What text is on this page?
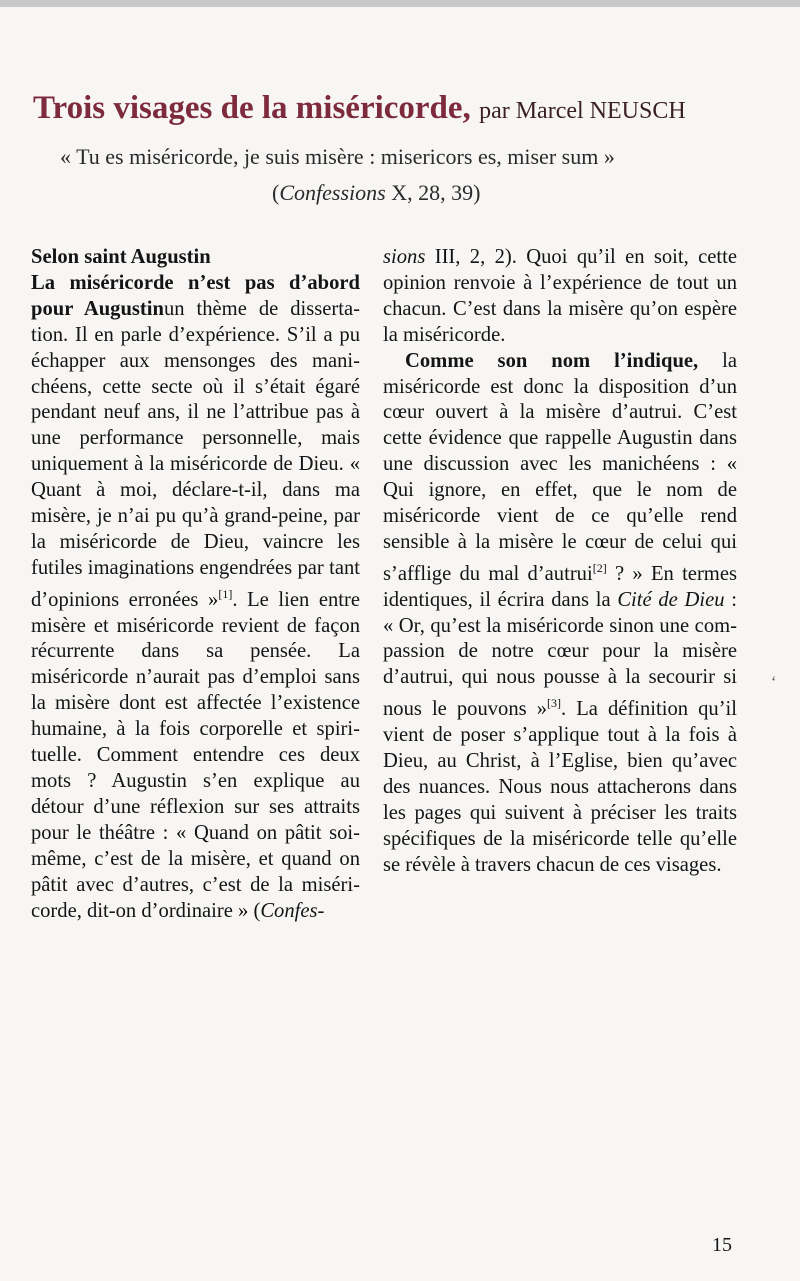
Trois visages de la miséricorde, par Marcel NEUSCH
« Tu es miséricorde, je suis misère : misericors es, miser sum »
(Confessions X, 28, 39)

Selon saint Augustin

La miséricorde n’est pas d’abord pour Augustinun thème de dissertation. Il en parle d’expérience. S’il a pu échapper aux mensonges des manichéens, cette secte où il s’était égaré pendant neuf ans, il ne l’attribue pas à une performance personnelle, mais uniquement à la miséricorde de Dieu. « Quant à moi, déclare-t-il, dans ma misère, je n’ai pu qu’à grand-peine, par la miséricorde de Dieu, vaincre les futiles imaginations engendrées par tant d’opinions erronées »[1]. Le lien entre misère et miséricorde revient de façon récurrente dans sa pensée. La miséricorde n’aurait pas d’emploi sans la misère dont est affectée l’existence humaine, à la fois corporelle et spirituelle. Comment entendre ces deux mots ? Augustin s’en explique au détour d’une réflexion sur ses attraits pour le théâtre : « Quand on pâtit soi-même, c’est de la misère, et quand on pâtit avec d’autres, c’est de la miséricorde, dit-on d’ordinaire » (Confes-

sions III, 2, 2). Quoi qu’il en soit, cette opinion renvoie à l’expérience de tout un chacun. C’est dans la misère qu’on espère la miséricorde.

Comme son nom l’indique, la miséricorde est donc la disposition d’un cœur ouvert à la misère d’autrui. C’est cette évidence que rappelle Augustin dans une discussion avec les manichéens : « Qui ignore, en effet, que le nom de miséricorde vient de ce qu’elle rend sensible à la misère le cœur de celui qui s’afflige du mal d’autrui[2] ? » En termes identiques, il écrira dans la Cité de Dieu : « Or, qu’est la miséricorde sinon une compassion de notre cœur pour la misère d’autrui, qui nous pousse à la secourir si nous le pouvons »[3]. La définition qu’il vient de poser s’applique tout à la fois à Dieu, au Christ, à l’Eglise, bien qu’avec des nuances. Nous nous attacherons dans les pages qui suivent à préciser les traits spécifiques de la miséricorde telle qu’elle se révèle à travers chacun de ces visages.

ʻ
15
